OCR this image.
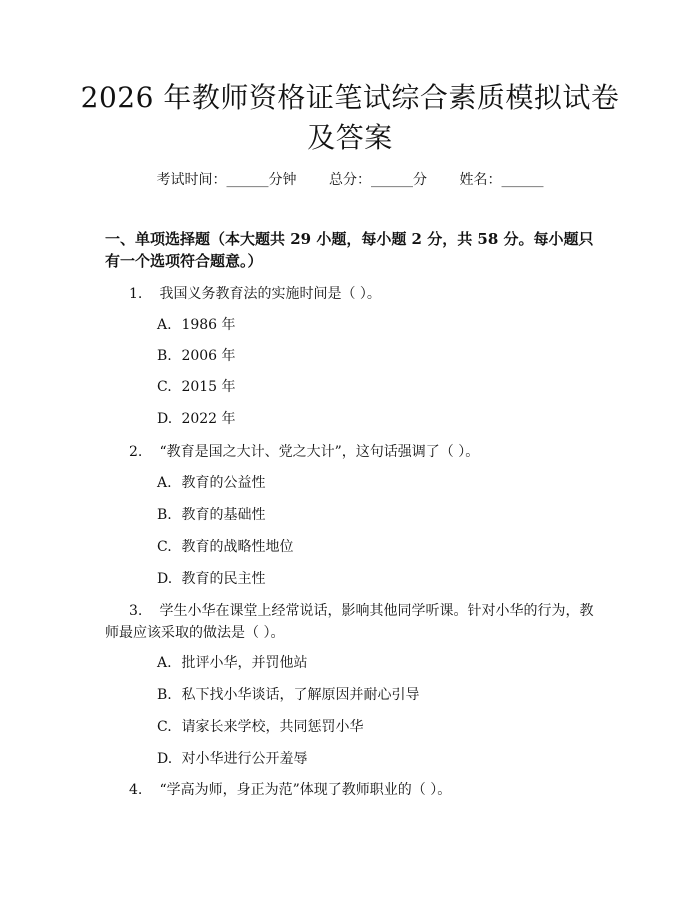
2026 年教师资格证笔试综合素质模拟试卷及答案
考试时间：______分钟 总分：______分 姓名：______
一、单项选择题（本大题共 29 小题，每小题 2 分，共 58 分。每小题只有一个选项符合题意。）
1. 我国义务教育法的实施时间是（ ）。
A. 1986 年
B. 2006 年
C. 2015 年
D. 2022 年
2. “教育是国之大计、党之大计”，这句话强调了（ ）。
A. 教育的公益性
B. 教育的基础性
C. 教育的战略性地位
D. 教育的民主性
3. 学生小华在课堂上经常说话，影响其他同学听课。针对小华的行为，教师最应该采取的做法是（ ）。
A. 批评小华，并罚他站
B. 私下找小华谈话，了解原因并耐心引导
C. 请家长来学校，共同惩罚小华
D. 对小华进行公开羞辱
4. “学高为师，身正为范”体现了教师职业的（ ）。
